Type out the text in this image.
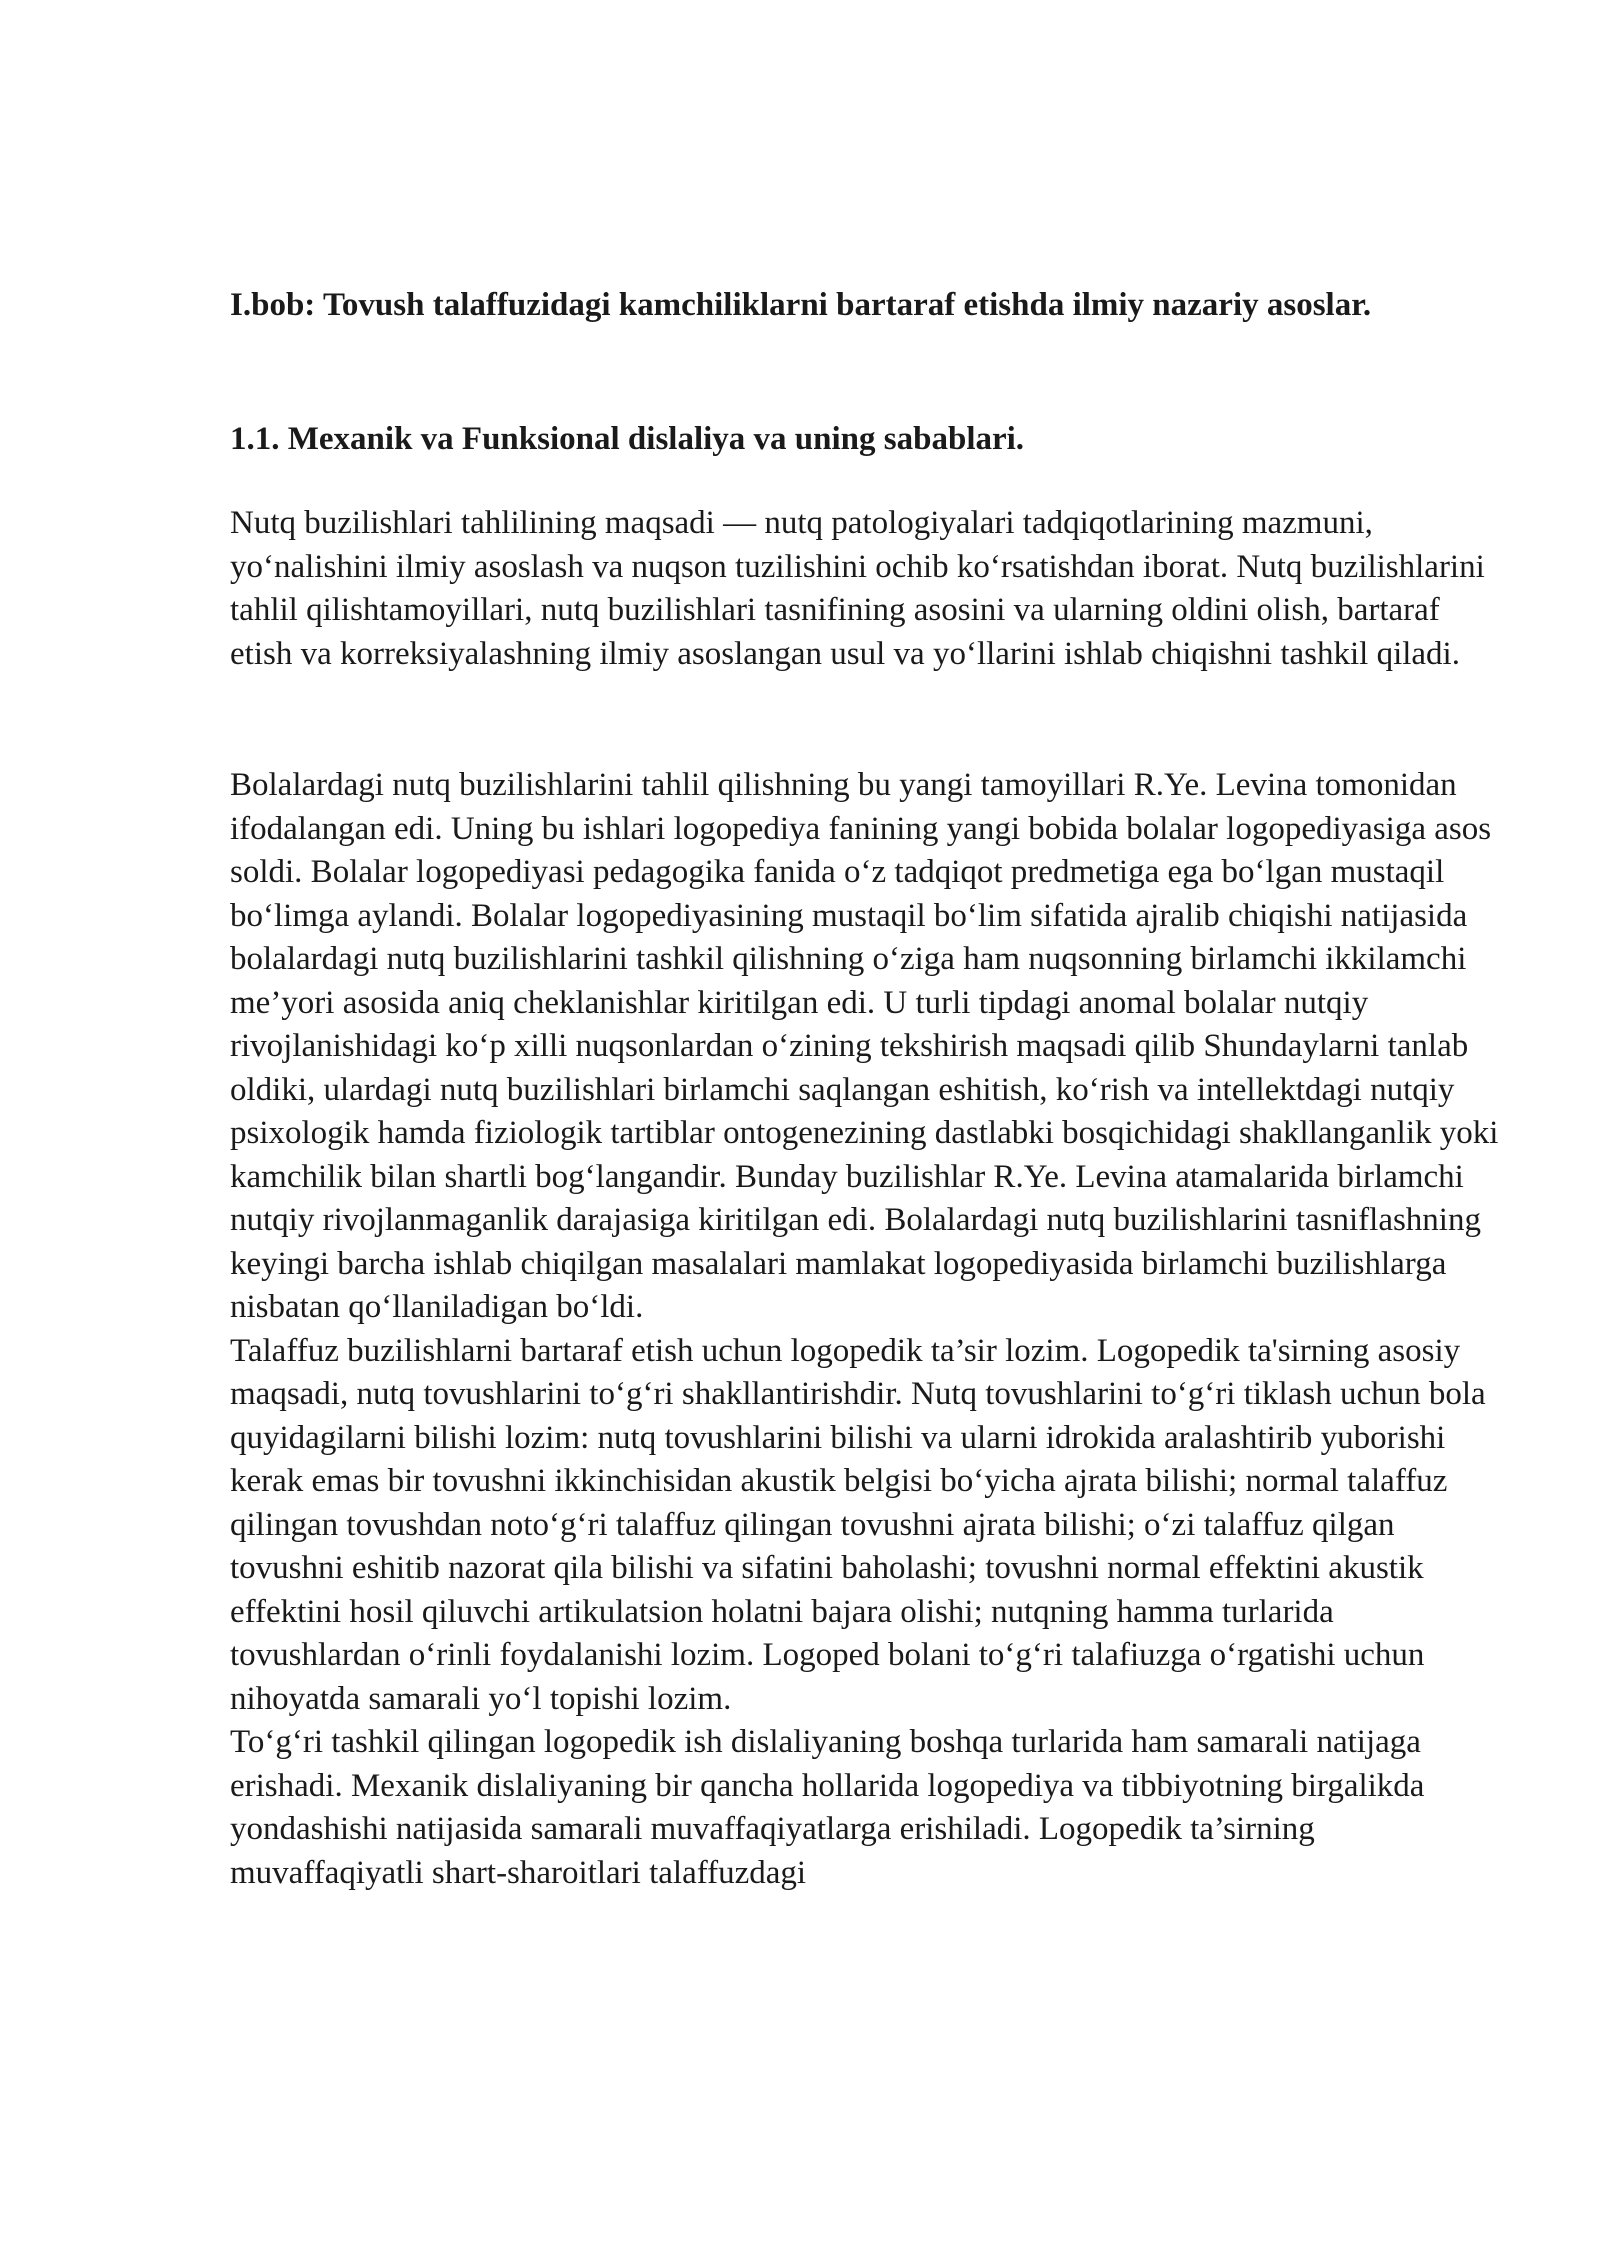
I.bob: Tovush talaffuzidagi kamchiliklarni bartaraf etishda ilmiy nazariy asoslar.
1.1. Mexanik va Funksional dislaliya va uning sabablari.

Nutq buzilishlari tahlilining maqsadi — nutq patologiyalari tadqiqotlarining mazmuni, yoʻnalishini ilmiy asoslash va nuqson tuzilishini ochib koʻrsatishdan iborat. Nutq buzilishlarini tahlil qilishtamoyillari, nutq buzilishlari tasnifining asosini va ularning oldini olish, bartaraf etish va korreksiyalashning ilmiy asoslangan usul va yoʻllarini ishlab chiqishni tashkil qiladi.

Bolalardagi nutq buzilishlarini tahlil qilishning bu yangi tamoyillari R.Ye. Levina tomonidan ifodalangan edi. Uning bu ishlari logopediya fanining yangi bobida bolalar logopediyasiga asos soldi. Bolalar logopediyasi pedagogika fanida oʻz tadqiqot predmetiga ega boʻlgan mustaqil boʻlimga aylandi. Bolalar logopediyasining mustaqil boʻlim sifatida ajralib chiqishi natijasida bolalardagi nutq buzilishlarini tashkil qilishning oʻziga ham nuqsonning birlamchi ikkilamchi me’yori asosida aniq cheklanishlar kiritilgan edi. U turli tipdagi anomal bolalar nutqiy rivojlanishidagi koʻp xilli nuqsonlardan oʻzining tekshirish maqsadi qilib Shundaylarni tanlab oldiki, ulardagi nutq buzilishlari birlamchi saqlangan eshitish, koʻrish va intellektdagi nutqiy psixologik hamda fiziologik tartiblar ontogenezining dastlabki bosqichidagi shakllanganlik yoki kamchilik bilan shartli bogʻlangandir. Bunday buzilishlar R.Ye. Levina atamalarida birlamchi nutqiy rivojlanmaganlik darajasiga kiritilgan edi. Bolalardagi nutq buzilishlarini tasniflashning keyingi barcha ishlab chiqilgan masalalari mamlakat logopediyasida birlamchi buzilishlarga nisbatan qoʻllaniladigan boʻldi.

Talaffuz buzilishlarni bartaraf etish uchun logopedik ta’sir lozim. Logopedik ta'sirning asosiy maqsadi, nutq tovushlarini toʻgʻri shakllantirishdir. Nutq tovushlarini toʻgʻri tiklash uchun bola quyidagilarni bilishi lozim: nutq tovushlarini bilishi va ularni idrokida aralashtirib yuborishi kerak emas bir tovushni ikkinchisidan akustik belgisi boʻyicha ajrata bilishi; normal talaffuz qilingan tovushdan notoʻgʻri talaffuz qilingan tovushni ajrata bilishi; oʻzi talaffuz qilgan tovushni eshitib nazorat qila bilishi va sifatini baholashi; tovushni normal effektini akustik effektini hosil qiluvchi artikulatsion holatni bajara olishi; nutqning hamma turlarida tovushlardan oʻrinli foydalanishi lozim. Logoped bolani toʻgʻri talafiuzga oʻrgatishi uchun nihoyatda samarali yoʻl topishi lozim.

Toʻgʻri tashkil qilingan logopedik ish dislaliyaning boshqa turlarida ham samarali natijaga erishadi. Mexanik dislaliyaning bir qancha hollarida logopediya va tibbiyotning birgalikda yondashishi natijasida samarali muvaffaqiyatlarga erishiladi. Logopedik ta’sirning muvaffaqiyatli shart-sharoitlari talaffuzdagi
